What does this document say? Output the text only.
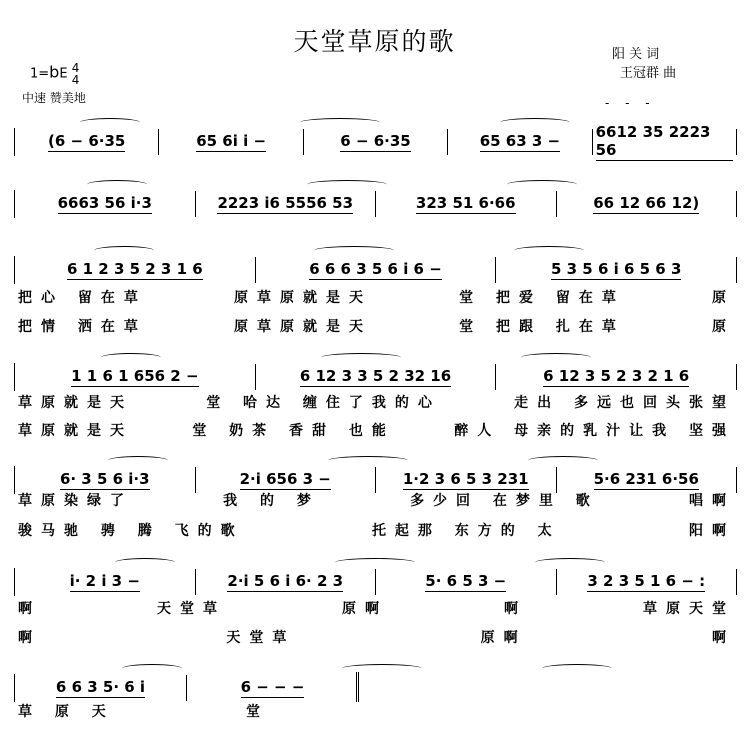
天堂草原的歌	阳 关 词
王冠群 曲
1=bE 4
4
中速 赞美地	- - -
(6 − 6·35	65 6i i −	6 − 6·35	65 63 3 − 6612 35 2223 56
6663 56 i·3	2223 i6 5556 53	323 51 6·66	66 12 66 12)
6 1 2 3 5 2 3 1 6	6 6 6 3 5 6 i 6 −	5 3 5 6 i 6 5 6 3
1 1 6 1 656 2 −	6 12 3 3 5 2 32 16	6 12 3 5 2 3 2 1 6
6· 3 5 6 i·3	2·i 656 3 −	1·2 3 6 5 3 231	5·6 231 6·56
i· 2 i 3 −	2·i 5 6 i 6· 2 3	5· 6 5 3 −	3 2 3 5 1 6 − :
6 6 3 5· 6 i	6 − − −
把心 留在草	原草原就是天	堂 把爱 留在草	原
把情 洒在草	原草原就是天	堂 把跟 扎在草	原
草原就是天	堂 哈达 缠住了我的心	走出 多远也回头张望
草原就是天	堂 奶茶 香甜 也能	醉人 母亲的乳汁让我 坚强
草原染绿了	我 的 梦	多少回 在梦里 歌	唱啊
骏马驰 骋 腾 飞的歌	托起那 东方的 太	阳啊
啊	天堂草	原啊	啊	草原天堂
啊	天堂草	原啊	啊
草 原 天	堂
